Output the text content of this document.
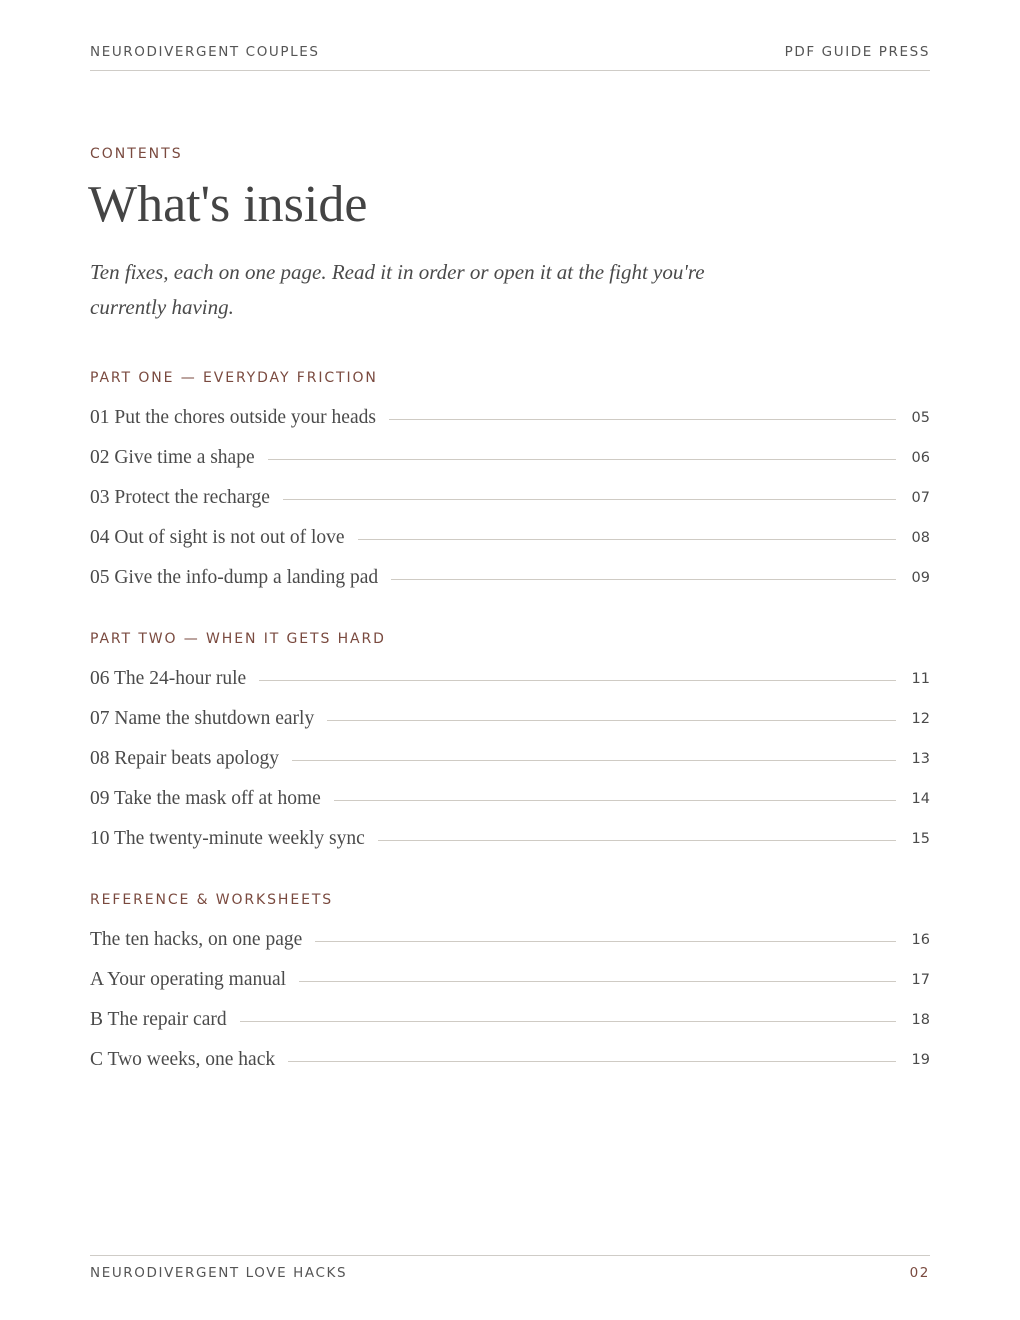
NEURODIVERGENT COUPLES	PDF GUIDE PRESS
CONTENTS
What's inside

Ten fixes, each on one page. Read it in order or open it at the fight you're currently having.

PART ONE — EVERYDAY FRICTION
01 Put the chores outside your heads	05
02 Give time a shape	06
03 Protect the recharge	07
04 Out of sight is not out of love	08
05 Give the info-dump a landing pad	09
PART TWO — WHEN IT GETS HARD
06 The 24-hour rule	11
07 Name the shutdown early	12
08 Repair beats apology	13
09 Take the mask off at home	14
10 The twenty-minute weekly sync	15
REFERENCE & WORKSHEETS
The ten hacks, on one page	16
A Your operating manual	17
B The repair card	18
C Two weeks, one hack	19
NEURODIVERGENT LOVE HACKS	02
